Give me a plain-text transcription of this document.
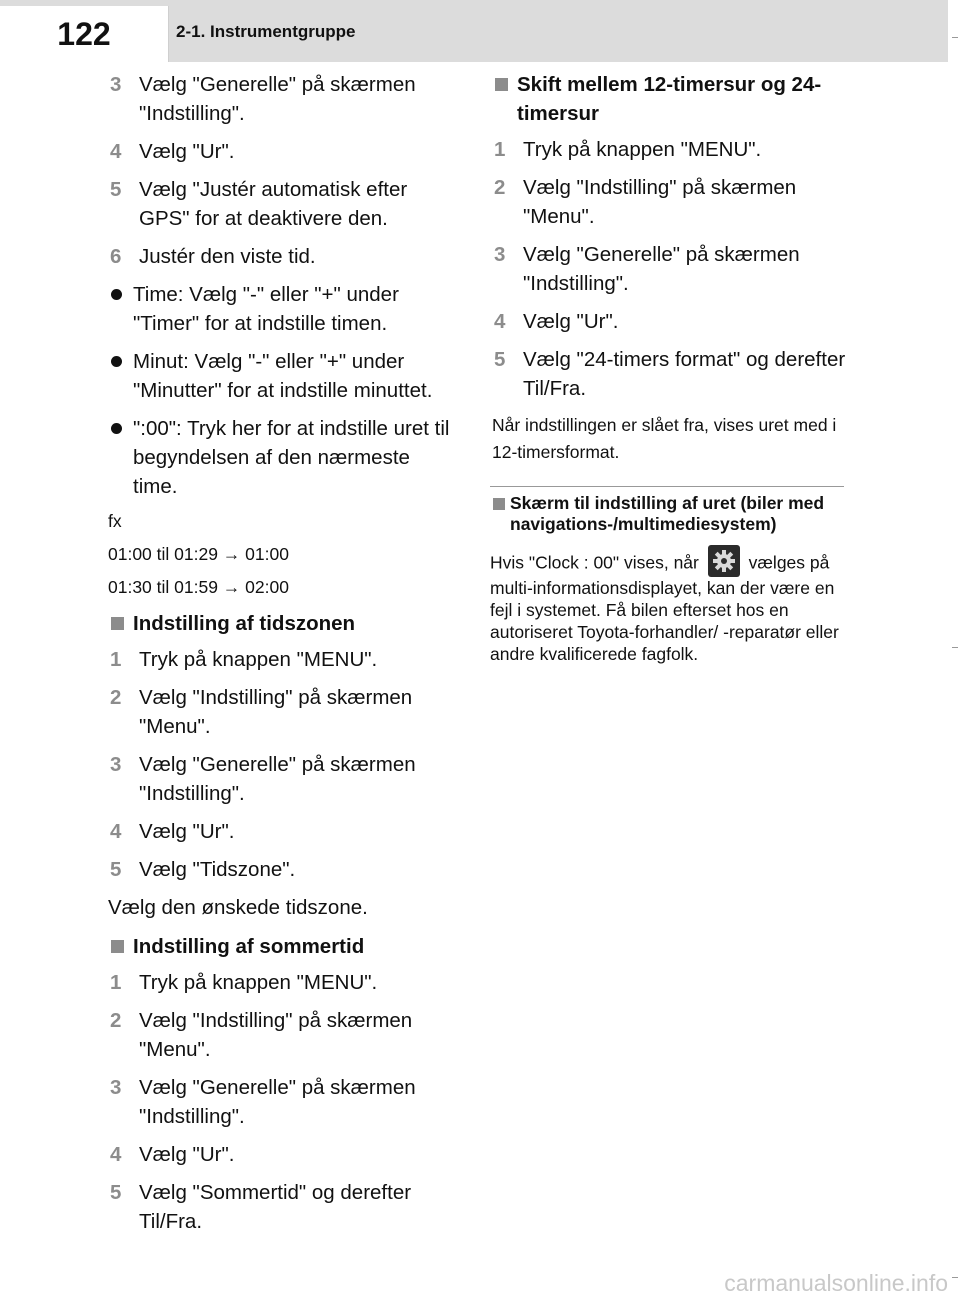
122	2-1. Instrumentgruppe
3 Vælg "Generelle" på skærmen "Indstilling".
4 Vælg "Ur".
5 Vælg "Justér automatisk efter GPS" for at deaktivere den.
6 Justér den viste tid.
Time: Vælg "-" eller "+" under "Timer" for at indstille timen.
Minut: Vælg "-" eller "+" under "Minutter" for at indstille minuttet.
":00": Tryk her for at indstille uret til begyndelsen af den nærmeste time.
fx
01:00 til 01:29 → 01:00
01:30 til 01:59 → 02:00
Indstilling af tidszonen
1 Tryk på knappen "MENU".
2 Vælg "Indstilling" på skærmen "Menu".
3 Vælg "Generelle" på skærmen "Indstilling".
4 Vælg "Ur".
5 Vælg "Tidszone".
Vælg den ønskede tidszone.
Indstilling af sommertid
1 Tryk på knappen "MENU".
2 Vælg "Indstilling" på skærmen "Menu".
3 Vælg "Generelle" på skærmen "Indstilling".
4 Vælg "Ur".
5 Vælg "Sommertid" og derefter Til/Fra.
Skift mellem 12-timersur og 24-timersur
1 Tryk på knappen "MENU".
2 Vælg "Indstilling" på skærmen "Menu".
3 Vælg "Generelle" på skærmen "Indstilling".
4 Vælg "Ur".
5 Vælg "24-timers format" og derefter Til/Fra.
Når indstillingen er slået fra, vises uret med i 12-timersformat.
Skærm til indstilling af uret (biler med navigations-/multimediesystem)
Hvis "Clock : 00" vises, når	vælges på multi-informationsdisplayet, kan der være en fejl i systemet. Få bilen efterset hos en autoriseret Toyota-forhandler/ -reparatør eller andre kvalificerede fagfolk.
carmanualsonline.info
